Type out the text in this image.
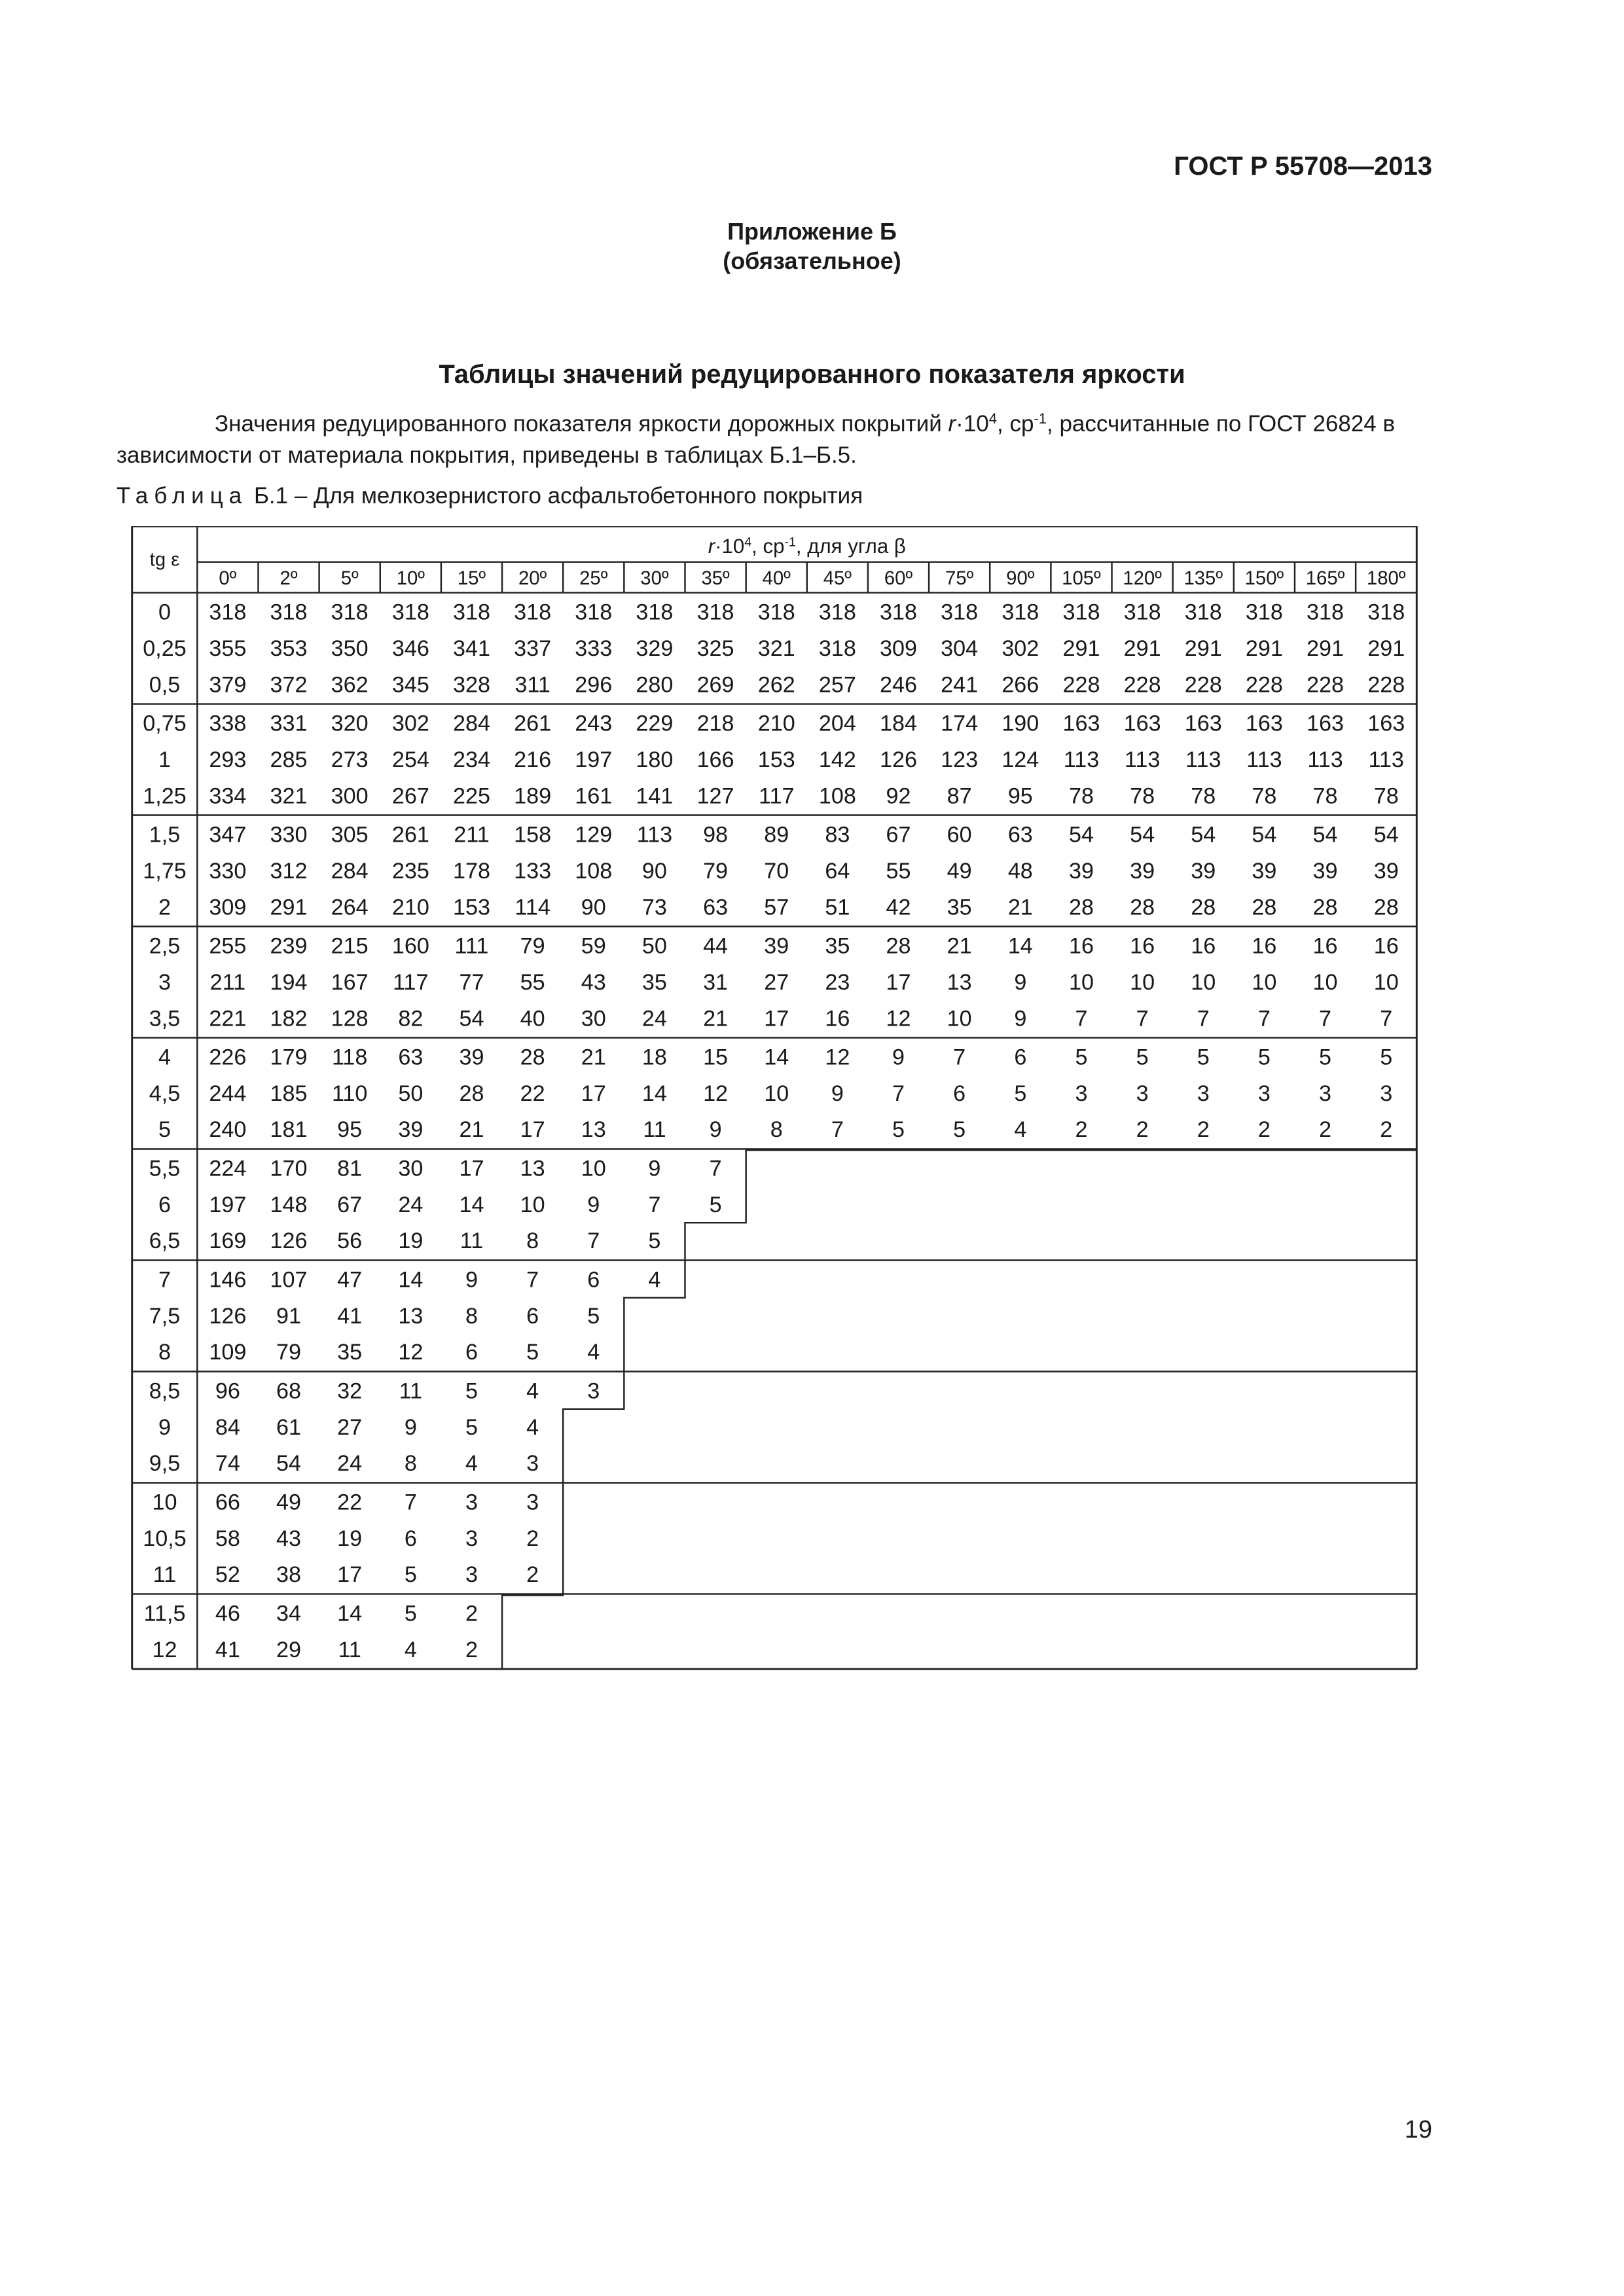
ГОСТ Р 55708—2013
Приложение Б
(обязательное)
Таблицы значений редуцированного показателя яркости
Значения редуцированного показателя яркости дорожных покрытий $r\cdot 10^4$, $ср^{-1}$, рассчитанные по ГОСТ 26824 в зависимости от материала покрытия, приведены в таблицах Б.1–Б.5.
Таблица Б.1 – Для мелкозернистого асфальтобетонного покрытия
$r\cdot 10^4$, $ср^{-1}$, для угла β
tg ε
0º 2º 5º 10º 15º 20º 25º 30º 35º 40º 45º 60º 75º 90º 105º 120º 135º 150º 165º 180º
0 318 318 318 318 318 318 318 318 318 318 318 318 318 318 318 318 318 318 318 318
0,25 355 353 350 346 341 337 333 329 325 321 318 309 304 302 291 291 291 291 291 291
0,5 379 372 362 345 328 311 296 280 269 262 257 246 241 266 228 228 228 228 228 228
0,75 338 331 320 302 284 261 243 229 218 210 204 184 174 190 163 163 163 163 163 163
1 293 285 273 254 234 216 197 180 166 153 142 126 123 124 113 113 113 113 113 113
1,25 334 321 300 267 225 189 161 141 127 117 108 92 87 95 78 78 78 78 78 78
1,5 347 330 305 261 211 158 129 113 98 89 83 67 60 63 54 54 54 54 54 54
1,75 330 312 284 235 178 133 108 90 79 70 64 55 49 48 39 39 39 39 39 39
2 309 291 264 210 153 114 90 73 63 57 51 42 35 21 28 28 28 28 28 28
2,5 255 239 215 160 111 79 59 50 44 39 35 28 21 14 16 16 16 16 16 16
3 211 194 167 117 77 55 43 35 31 27 23 17 13 9 10 10 10 10 10 10
3,5 221 182 128 82 54 40 30 24 21 17 16 12 10 9 7 7 7 7 7 7
4 226 179 118 63 39 28 21 18 15 14 12 9 7 6 5 5 5 5 5 5
4,5 244 185 110 50 28 22 17 14 12 10 9 7 6 5 3 3 3 3 3 3
5 240 181 95 39 21 17 13 11 9 8 7 5 5 4 2 2 2 2 2 2
5,5 224 170 81 30 17 13 10 9 7
6 197 148 67 24 14 10 9 7 5
6,5 169 126 56 19 11 8 7 5
7 146 107 47 14 9 7 6 4
7,5 126 91 41 13 8 6 5
8 109 79 35 12 6 5 4
8,5 96 68 32 11 5 4 3
9 84 61 27 9 5 4
9,5 74 54 24 8 4 3
10 66 49 22 7 3 3
10,5 58 43 19 6 3 2
11 52 38 17 5 3 2
11,5 46 34 14 5 2
12 41 29 11 4 2
19
